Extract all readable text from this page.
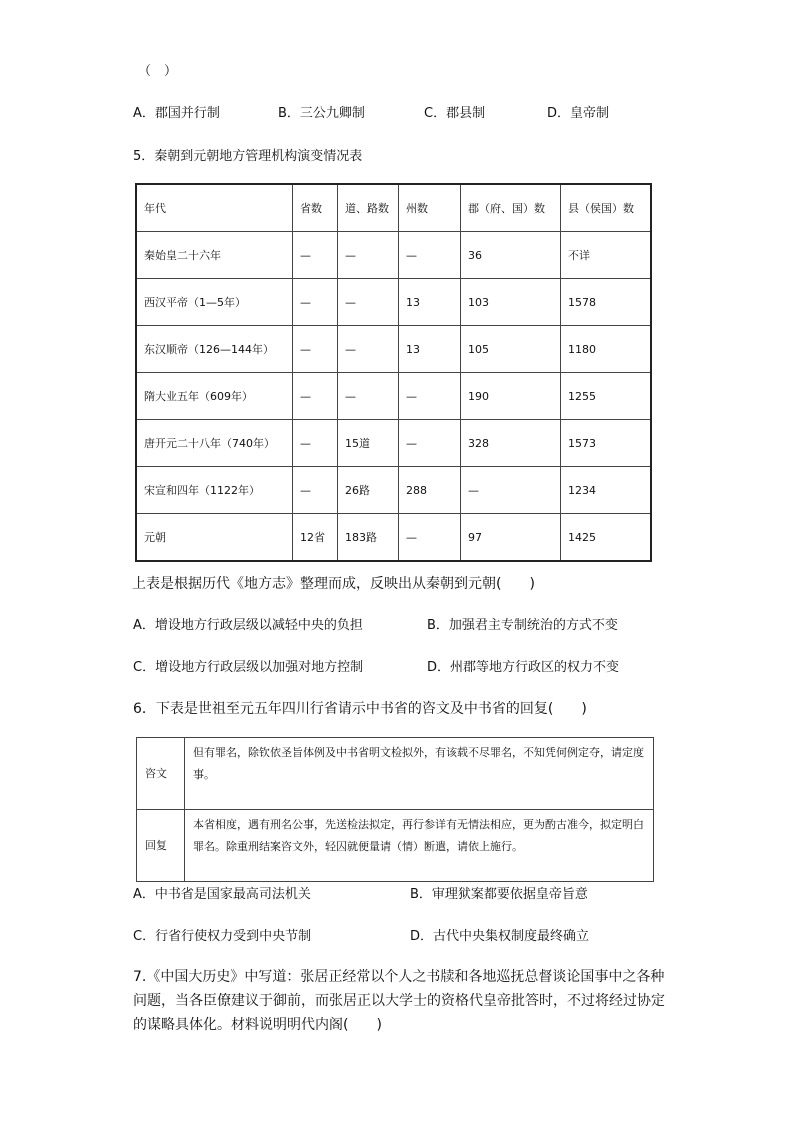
（　）
A．郡国并行制	B．三公九卿制	C．郡县制	D．皇帝制
5．秦朝到元朝地方管理机构演变情况表
年代	省数	道、路数	州数	郡（府、国）数	县（侯国）数
秦始皇二十六年	—	—	—	36	不详
西汉平帝（1—5年）	—	—	13	103	1578
东汉顺帝（126—144年）	—	—	13	105	1180
隋大业五年（609年）	—	—	—	190	1255
唐开元二十八年（740年）	—	15道	—	328	1573
宋宣和四年（1122年）	—	26路	288	—	1234
元朝	12省	183路	—	97	1425
上表是根据历代《地方志》整理而成，反映出从秦朝到元朝(　　)
A．增设地方行政层级以减轻中央的负担	B．加强君主专制统治的方式不变
C．增设地方行政层级以加强对地方控制	D．州郡等地方行政区的权力不变
6．下表是世祖至元五年四川行省请示中书省的咨文及中书省的回复(　　)
咨文	但有罪名，除钦依圣旨体例及中书省明文检拟外，有该载不尽罪名，不知凭何例定夺，请定度事。
回复	本省相度，遇有刑名公事，先送检法拟定，再行参详有无情法相应，更为酌古准今，拟定明白罪名。除重刑结案咨文外，轻囚就便量请（情）断遣，请依上施行。
A．中书省是国家最高司法机关	B．审理狱案都要依据皇帝旨意
C．行省行使权力受到中央节制	D．古代中央集权制度最终确立
7.《中国大历史》中写道：张居正经常以个人之书牍和各地巡抚总督谈论国事中之各种问题，当各臣僚建议于御前，而张居正以大学士的资格代皇帝批答时，不过将经过协定的谋略具体化。材料说明明代内阁(　　)
